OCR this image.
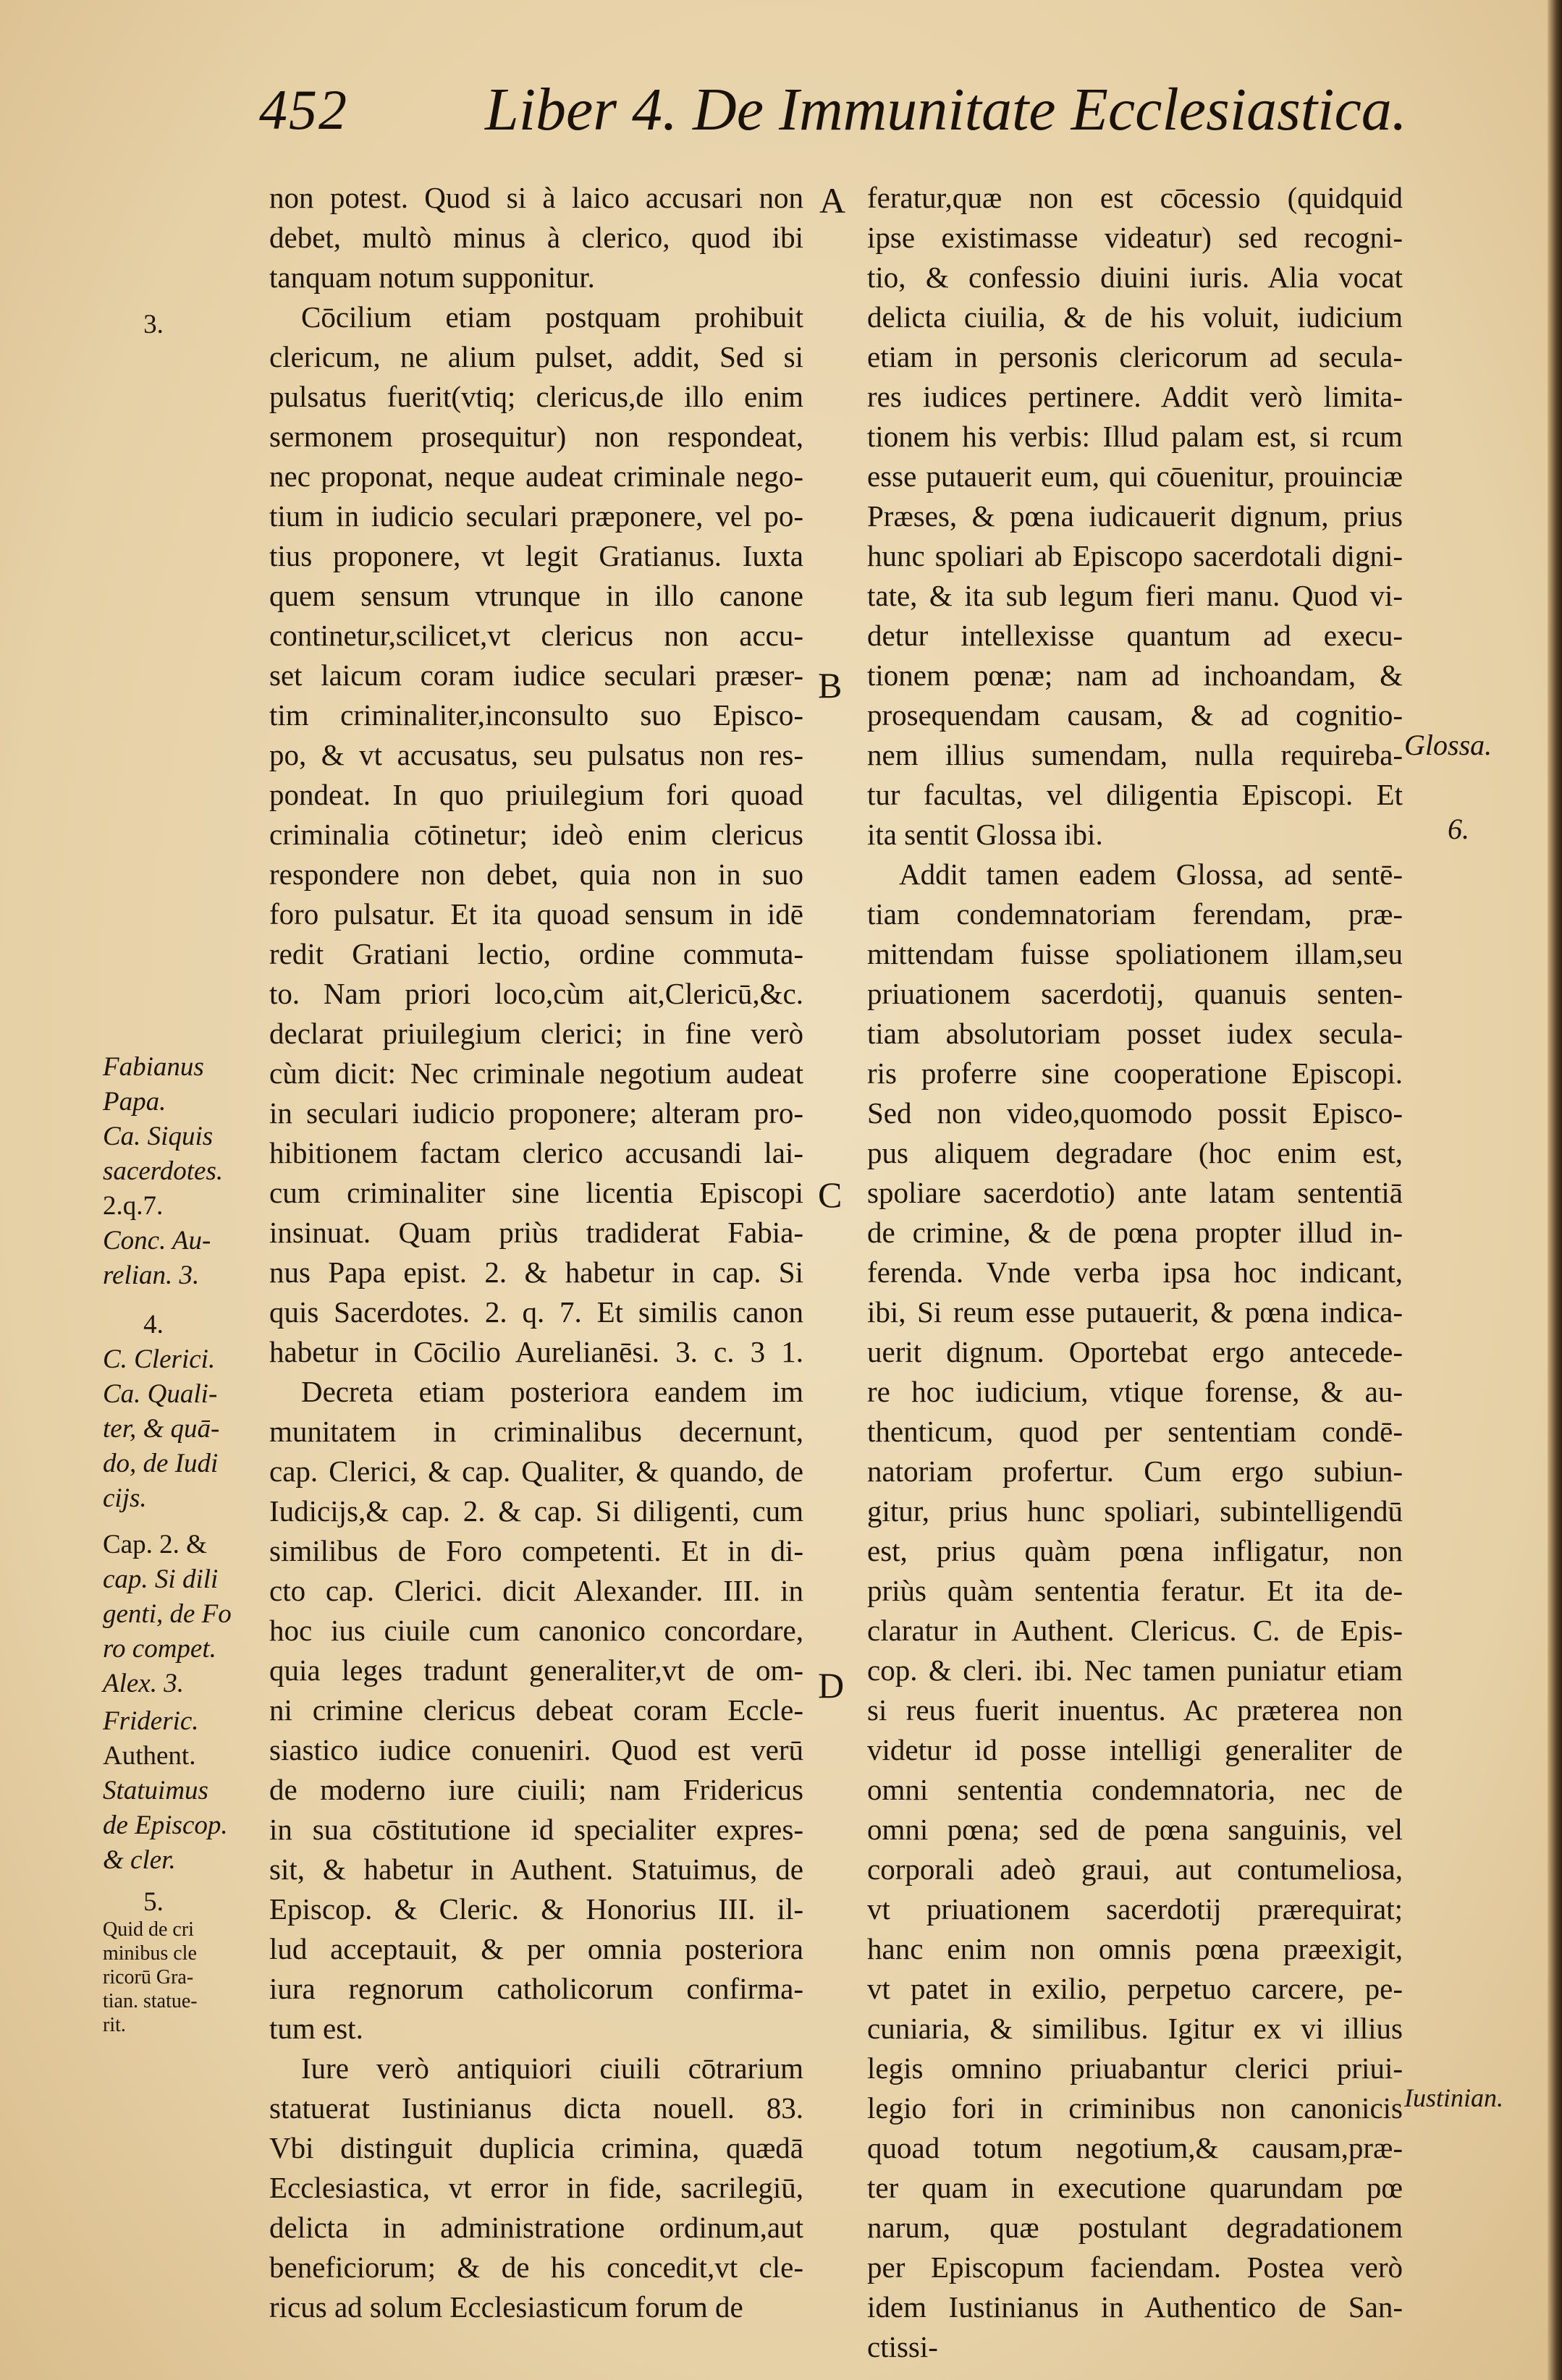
452 Liber 4. De Immunitate Ecclesiastica.
A
B
C
D
3.
Fabianus
Papa.
Ca. Siquis
sacerdotes.
2.q.7.
Conc. Au-
relian. 3.
4.
C. Clerici.
Ca. Quali-
ter, & quā-
do, de Iudi
cijs.
Cap. 2. &
cap. Si dili
genti, de Fo
ro compet.
Alex. 3.
Frideric.
Authent.
Statuimus
de Episcop.
& cler.
5.
Quid de cri
minibus cle
ricorū Gra-
tian. statue-
rit.
Glossa.
6.
Iustinian.
non potest. Quod si à laico accusari non
debet, multò minus à clerico, quod ibi
tanquam notum supponitur.
Cōcilium etiam postquam prohibuit
clericum, ne alium pulset, addit, Sed si
pulsatus fuerit(vtiq; clericus,de illo enim
sermonem prosequitur) non respondeat,
nec proponat, neque audeat criminale nego-
tium in iudicio seculari præponere, vel po-
tius proponere, vt legit Gratianus. Iuxta
quem sensum vtrunque in illo canone
continetur,scilicet,vt clericus non accu-
set laicum coram iudice seculari præser-
tim criminaliter,inconsulto suo Episco-
po, & vt accusatus, seu pulsatus non res-
pondeat. In quo priuilegium fori quoad
criminalia cōtinetur; ideò enim clericus
respondere non debet, quia non in suo
foro pulsatur. Et ita quoad sensum in idē
redit Gratiani lectio, ordine commuta-
to. Nam priori loco,cùm ait,Clericū,&c.
declarat priuilegium clerici; in fine verò
cùm dicit: Nec criminale negotium audeat
in seculari iudicio proponere; alteram pro-
hibitionem factam clerico accusandi lai-
cum criminaliter sine licentia Episcopi
insinuat. Quam priùs tradiderat Fabia-
nus Papa epist. 2. & habetur in cap. Si
quis Sacerdotes. 2. q. 7. Et similis canon
habetur in Cōcilio Aurelianēsi. 3. c. 3 1.
Decreta etiam posteriora eandem im
munitatem in criminalibus decernunt,
cap. Clerici, & cap. Qualiter, & quando, de
Iudicijs,& cap. 2. & cap. Si diligenti, cum
similibus de Foro competenti. Et in di-
cto cap. Clerici. dicit Alexander. III. in
hoc ius ciuile cum canonico concordare,
quia leges tradunt generaliter,vt de om-
ni crimine clericus debeat coram Eccle-
siastico iudice conueniri. Quod est verū
de moderno iure ciuili; nam Fridericus
in sua cōstitutione id specialiter expres-
sit, & habetur in Authent. Statuimus, de
Episcop. & Cleric. & Honorius III. il-
lud acceptauit, & per omnia posteriora
iura regnorum catholicorum confirma-
tum est.
Iure verò antiquiori ciuili cōtrarium
statuerat Iustinianus dicta nouell. 83.
Vbi distinguit duplicia crimina, quædā
Ecclesiastica, vt error in fide, sacrilegiū,
delicta in administratione ordinum,aut
beneficiorum; & de his concedit,vt cle-
ricus ad solum Ecclesiasticum forum de
feratur,quæ non est cōcessio (quidquid
ipse existimasse videatur) sed recogni-
tio, & confessio diuini iuris. Alia vocat
delicta ciuilia, & de his voluit, iudicium
etiam in personis clericorum ad secula-
res iudices pertinere. Addit verò limita-
tionem his verbis: Illud palam est, si rcum
esse putauerit eum, qui cōuenitur, prouinciæ
Præses, & pœna iudicauerit dignum, prius
hunc spoliari ab Episcopo sacerdotali digni-
tate, & ita sub legum fieri manu. Quod vi-
detur intellexisse quantum ad execu-
tionem pœnæ; nam ad inchoandam, &
prosequendam causam, & ad cognitio-
nem illius sumendam, nulla requireba-
tur facultas, vel diligentia Episcopi. Et
ita sentit Glossa ibi.
Addit tamen eadem Glossa, ad sentē-
tiam condemnatoriam ferendam, præ-
mittendam fuisse spoliationem illam,seu
priuationem sacerdotij, quanuis senten-
tiam absolutoriam posset iudex secula-
ris proferre sine cooperatione Episcopi.
Sed non video,quomodo possit Episco-
pus aliquem degradare (hoc enim est,
spoliare sacerdotio) ante latam sententiā
de crimine, & de pœna propter illud in-
ferenda. Vnde verba ipsa hoc indicant,
ibi, Si reum esse putauerit, & pœna indica-
uerit dignum. Oportebat ergo antecede-
re hoc iudicium, vtique forense, & au-
thenticum, quod per sententiam condē-
natoriam profertur. Cum ergo subiun-
gitur, prius hunc spoliari, subintelligendū
est, prius quàm pœna infligatur, non
priùs quàm sententia feratur. Et ita de-
claratur in Authent. Clericus. C. de Epis-
cop. & cleri. ibi. Nec tamen puniatur etiam
si reus fuerit inuentus. Ac præterea non
videtur id posse intelligi generaliter de
omni sententia condemnatoria, nec de
omni pœna; sed de pœna sanguinis, vel
corporali adeò graui, aut contumeliosa,
vt priuationem sacerdotij prærequirat;
hanc enim non omnis pœna præexigit,
vt patet in exilio, perpetuo carcere, pe-
cuniaria, & similibus. Igitur ex vi illius
legis omnino priuabantur clerici priui-
legio fori in criminibus non canonicis
quoad totum negotium,& causam,præ-
ter quam in executione quarundam pœ
narum, quæ postulant degradationem
per Episcopum faciendam. Postea verò
idem Iustinianus in Authentico de San-
ctissi-
